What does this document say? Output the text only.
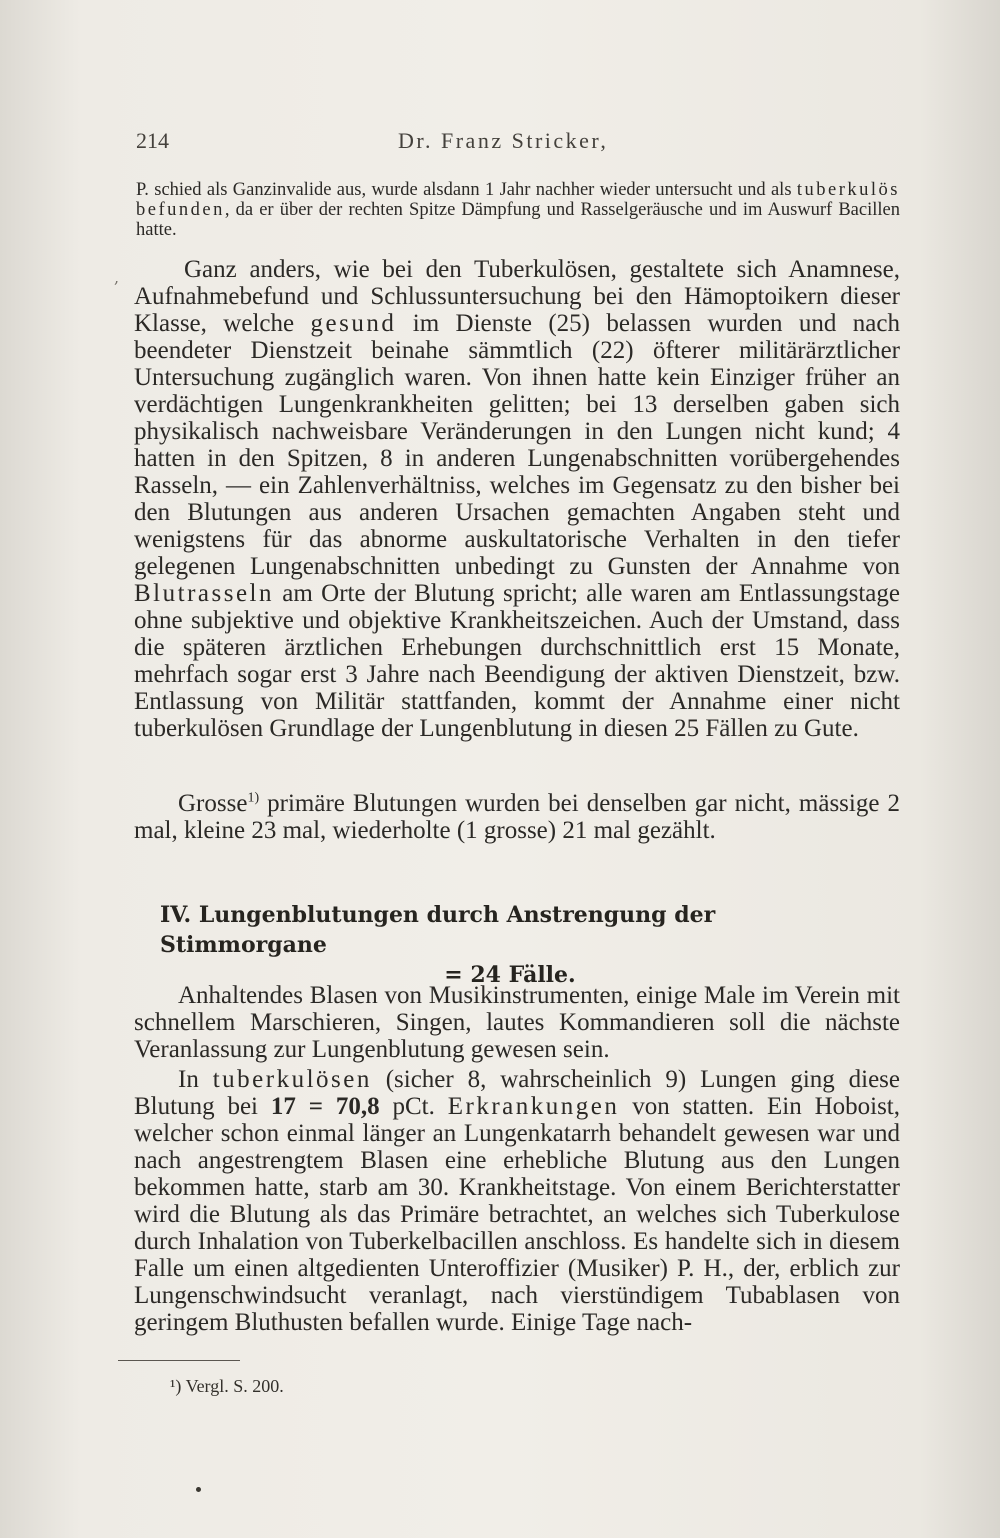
214	Dr. Franz Stricker,

P. schied als Ganzinvalide aus, wurde alsdann 1 Jahr nachher wieder untersucht und als tuberkulös befunden, da er über der rechten Spitze Dämpfung und Rasselgeräusche und im Auswurf Bacillen hatte.

Ganz anders, wie bei den Tuberkulösen, gestaltete sich Anamnese, Aufnahmebefund und Schlussuntersuchung bei den Hämoptoikern dieser Klasse, welche gesund im Dienste (25) belassen wurden und nach beendeter Dienstzeit beinahe sämmtlich (22) öfterer militärärztlicher Untersuchung zugänglich waren. Von ihnen hatte kein Einziger früher an verdächtigen Lungenkrankheiten gelitten; bei 13 derselben gaben sich physikalisch nachweisbare Veränderungen in den Lungen nicht kund; 4 hatten in den Spitzen, 8 in anderen Lungenabschnitten vorübergehendes Rasseln, — ein Zahlenverhältniss, welches im Gegensatz zu den bisher bei den Blutungen aus anderen Ursachen gemachten Angaben steht und wenigstens für das abnorme auskultatorische Verhalten in den tiefer gelegenen Lungenabschnitten unbedingt zu Gunsten der Annahme von Blutrasseln am Orte der Blutung spricht; alle waren am Entlassungstage ohne subjektive und objektive Krankheitszeichen. Auch der Umstand, dass die späteren ärztlichen Erhebungen durchschnittlich erst 15 Monate, mehrfach sogar erst 3 Jahre nach Beendigung der aktiven Dienstzeit, bzw. Entlassung von Militär stattfanden, kommt der Annahme einer nicht tuberkulösen Grundlage der Lungenblutung in diesen 25 Fällen zu Gute.

Grosse$^{1)}$ primäre Blutungen wurden bei denselben gar nicht, mässige 2 mal, kleine 23 mal, wiederholte (1 grosse) 21 mal gezählt.

IV. Lungenblutungen durch Anstrengung der Stimmorgane
= 24 Fälle.

Anhaltendes Blasen von Musikinstrumenten, einige Male im Verein mit schnellem Marschieren, Singen, lautes Kommandieren soll die nächste Veranlassung zur Lungenblutung gewesen sein.

In tuberkulösen (sicher 8, wahrscheinlich 9) Lungen ging diese Blutung bei 17 = 70,8 pCt. Erkrankungen von statten. Ein Hoboist, welcher schon einmal länger an Lungenkatarrh behandelt gewesen war und nach angestrengtem Blasen eine erhebliche Blutung aus den Lungen bekommen hatte, starb am 30. Krankheitstage. Von einem Berichterstatter wird die Blutung als das Primäre betrachtet, an welches sich Tuberkulose durch Inhalation von Tuberkelbacillen anschloss. Es handelte sich in diesem Falle um einen altgedienten Unteroffizier (Musiker) P. H., der, erblich zur Lungenschwindsucht veranlagt, nach vierstündigem Tubablasen von geringem Bluthusten befallen wurde. Einige Tage nach-

¹) Vergl. S. 200.
,
